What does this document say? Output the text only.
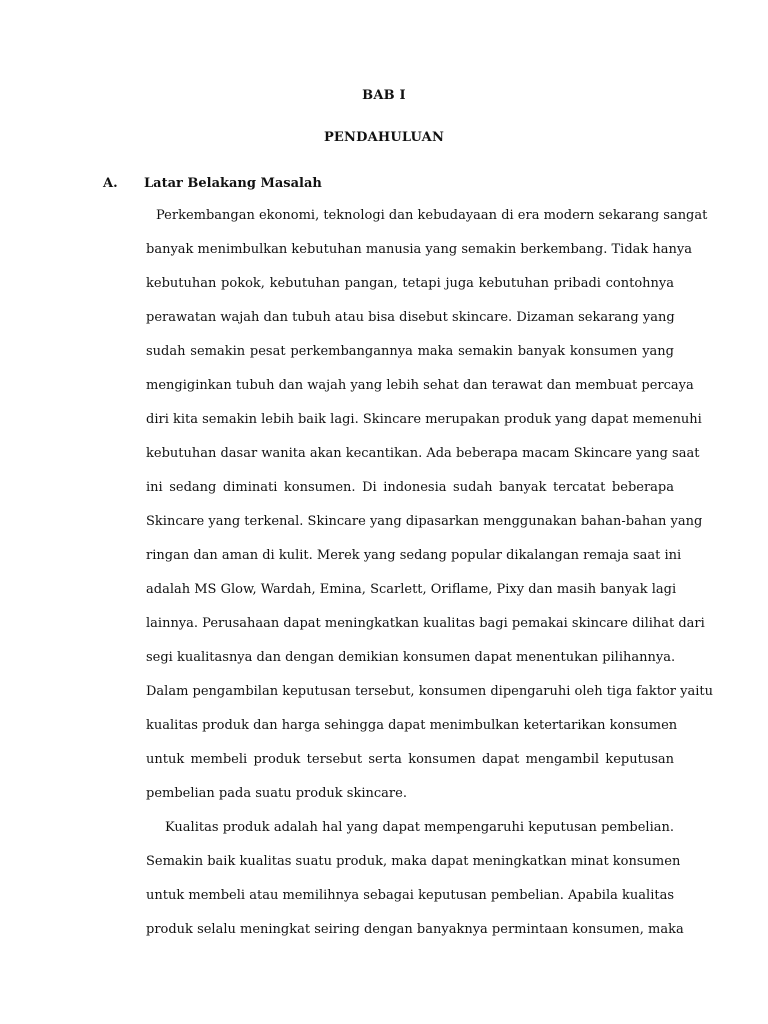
BAB I
PENDAHULUAN
A. Latar Belakang Masalah
Perkembangan ekonomi, teknologi dan kebudayaan di era modern sekarang sangat
banyak menimbulkan kebutuhan manusia yang semakin berkembang. Tidak hanya
kebutuhan pokok, kebutuhan pangan, tetapi juga kebutuhan pribadi contohnya
perawatan wajah dan tubuh atau bisa disebut skincare. Dizaman sekarang yang
sudah semakin pesat perkembangannya maka semakin banyak konsumen yang
mengiginkan tubuh dan wajah yang lebih sehat dan terawat dan membuat percaya
diri kita semakin lebih baik lagi. Skincare merupakan produk yang dapat memenuhi
kebutuhan dasar wanita akan kecantikan. Ada beberapa macam Skincare yang saat
ini sedang diminati konsumen. Di indonesia sudah banyak tercatat beberapa
Skincare yang terkenal. Skincare yang dipasarkan menggunakan bahan-bahan yang
ringan dan aman di kulit. Merek yang sedang popular dikalangan remaja saat ini
adalah MS Glow, Wardah, Emina, Scarlett, Oriflame, Pixy dan masih banyak lagi
lainnya. Perusahaan dapat meningkatkan kualitas bagi pemakai skincare dilihat dari
segi kualitasnya dan dengan demikian konsumen dapat menentukan pilihannya.
Dalam pengambilan keputusan tersebut, konsumen dipengaruhi oleh tiga faktor yaitu
kualitas produk dan harga sehingga dapat menimbulkan ketertarikan konsumen
untuk membeli produk tersebut serta konsumen dapat mengambil keputusan
pembelian pada suatu produk skincare.
Kualitas produk adalah hal yang dapat mempengaruhi keputusan pembelian.
Semakin baik kualitas suatu produk, maka dapat meningkatkan minat konsumen
untuk membeli atau memilihnya sebagai keputusan pembelian. Apabila kualitas
produk selalu meningkat seiring dengan banyaknya permintaan konsumen, maka
